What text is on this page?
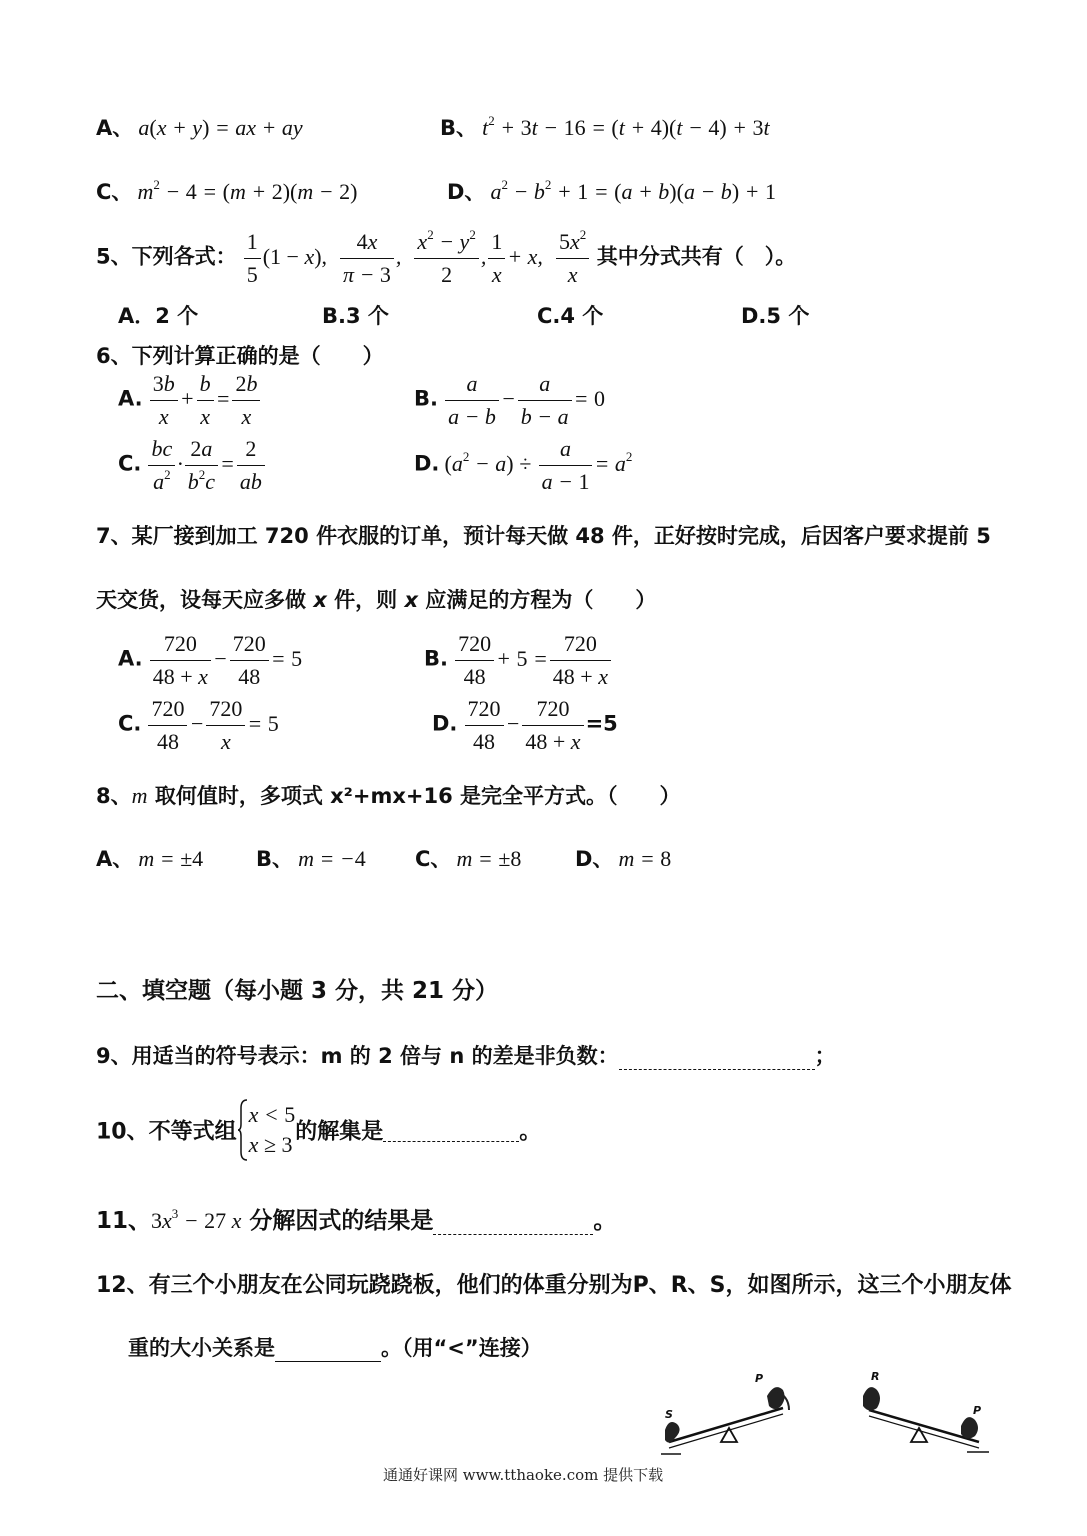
A、 a(x + y) = ax + ay	B、 $t^2 + 3t - 16 = (t + 4)(t - 4) + 3t$
C、 $m^2 - 4 = (m + 2)(m - 2)$	D、 $a^2 - b^2 + 1 = (a + b)(a - b) + 1$
5、下列各式： $\frac{1}{5} (1 - x)$, $\frac{4x}{\pi - 3}$ , $\frac{x^2 - y^2}{2}$ , $\frac{1}{x} + x$, $\frac{5x^2}{x}$ 其中分式共有（　）。
A．2 个	B.3 个	C.4 个	D.5 个
6、下列计算正确的是（　　）
A. $\frac{3b}{x} + \frac{b}{x} = \frac{2b}{x}$	B. $\frac{a}{a - b} - \frac{a}{b - a} = 0$
C. $\frac{bc}{a^2} \cdot \frac{2a}{b^2c} = \frac{2}{ab}$	D. $(a^2 - a) \div \frac{a}{a - 1} = a^2$
7、某厂接到加工 720 件衣服的订单，预计每天做 48 件，正好按时完成，后因客户要求提前 5
天交货，设每天应多做 x 件，则 x 应满足的方程为（　　）
A. $\frac{720}{48 + x} - \frac{720}{48} = 5$	B. $\frac{720}{48} + 5 = \frac{720}{48 + x}$
C. $\frac{720}{48} - \frac{720}{x} = 5$	D. $\frac{720}{48} - \frac{720}{48 + x} =5$
8、m 取何值时，多项式 x²+mx+16 是完全平方式。（　　）
A、 m = ±4	B、 m = −4 C、 m = ±8	D、 m = 8
二、填空题（每小题 3 分，共 21 分）
9、用适当的符号表示：m 的 2 倍与 n 的差是非负数：	；
10、不等式组
x < 5
x ≥ 3 的解集是	。
11、$3x^3 - 27$ x 分解因式的结果是	。
12、有三个小朋友在公同玩跷跷板，他们的体重分别为P、R、S，如图所示，这三个小朋友体
重的大小关系是	。（用“<”连接）
S
P	R
P
通通好课网 www.tthaoke.com 提供下载
